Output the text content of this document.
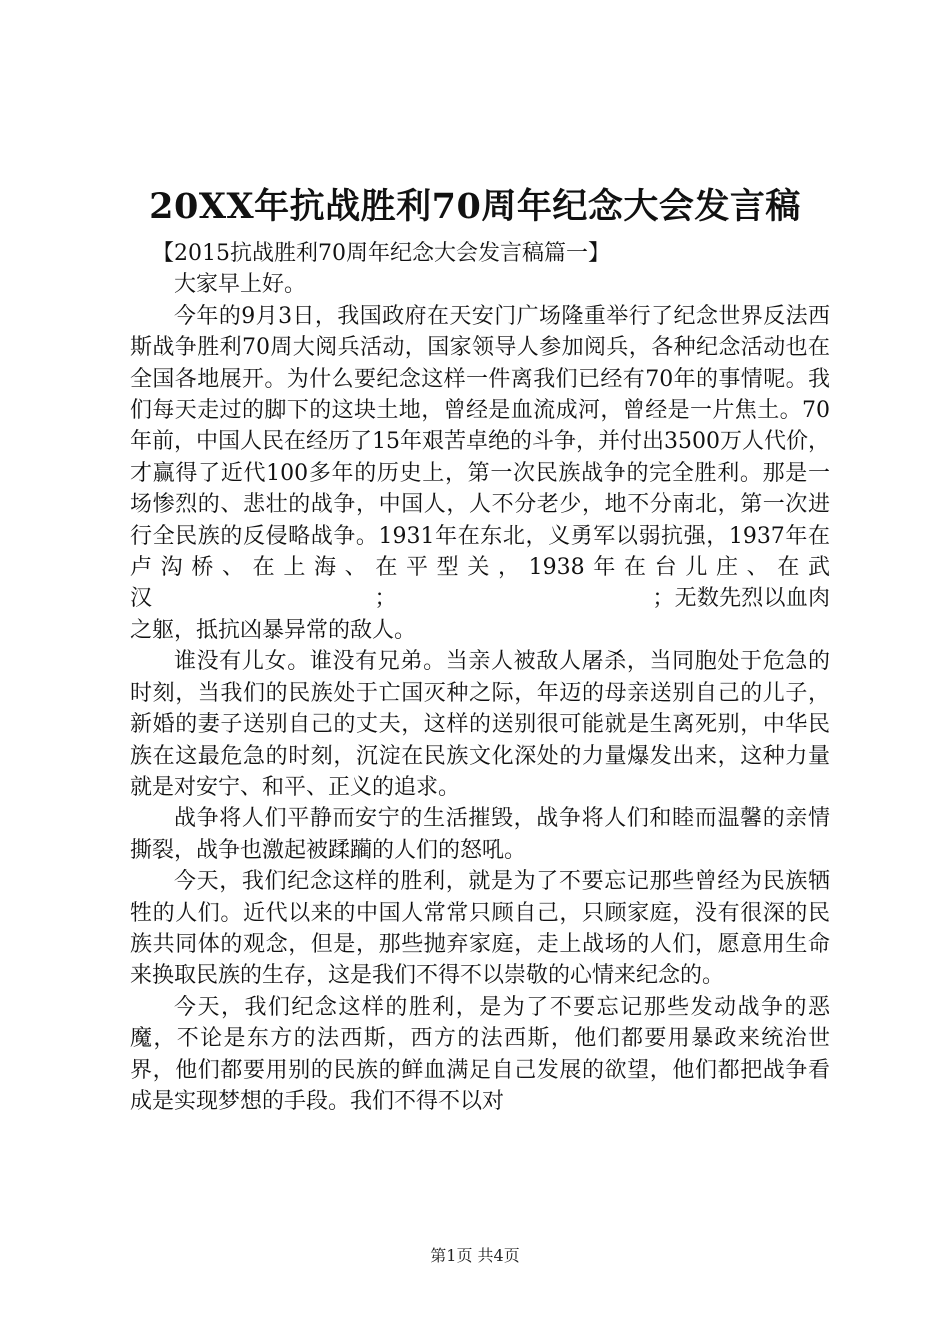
20XX年抗战胜利70周年纪念大会发言稿

【2015抗战胜利70周年纪念大会发言稿篇一】

大家早上好。

今年的9月3日，我国政府在天安门广场隆重举行了纪念世界反法西斯战争胜利70周大阅兵活动，国家领导人参加阅兵，各种纪念活动也在全国各地展开。为什么要纪念这样一件离我们已经有70年的事情呢。我们每天走过的脚下的这块土地，曾经是血流成河，曾经是一片焦土。70年前，中国人民在经历了15年艰苦卓绝的斗争，并付出3500万人代价，才赢得了近代100多年的历史上，第一次民族战争的完全胜利。那是一场惨烈的、悲壮的战争，中国人，人不分老少，地不分南北，第一次进行全民族的反侵略战争。1931年在东北，义勇军以弱抗强，1937年在卢沟桥、在上海、在平型关，1938年在台儿庄、在武汉　　　　　　　　　　；　　　　　　　　　　　　；无数先烈以血肉之躯，抵抗凶暴异常的敌人。

谁没有儿女。谁没有兄弟。当亲人被敌人屠杀，当同胞处于危急的时刻，当我们的民族处于亡国灭种之际，年迈的母亲送别自己的儿子，新婚的妻子送别自己的丈夫，这样的送别很可能就是生离死别，中华民族在这最危急的时刻，沉淀在民族文化深处的力量爆发出来，这种力量就是对安宁、和平、正义的追求。

战争将人们平静而安宁的生活摧毁，战争将人们和睦而温馨的亲情撕裂，战争也激起被蹂躏的人们的怒吼。

今天，我们纪念这样的胜利，就是为了不要忘记那些曾经为民族牺牲的人们。近代以来的中国人常常只顾自己，只顾家庭，没有很深的民族共同体的观念，但是，那些抛弃家庭，走上战场的人们，愿意用生命来换取民族的生存，这是我们不得不以崇敬的心情来纪念的。

今天，我们纪念这样的胜利，是为了不要忘记那些发动战争的恶魔，不论是东方的法西斯，西方的法西斯，他们都要用暴政来统治世界，他们都要用别的民族的鲜血满足自己发展的欲望，他们都把战争看成是实现梦想的手段。我们不得不以对

第1页 共4页
